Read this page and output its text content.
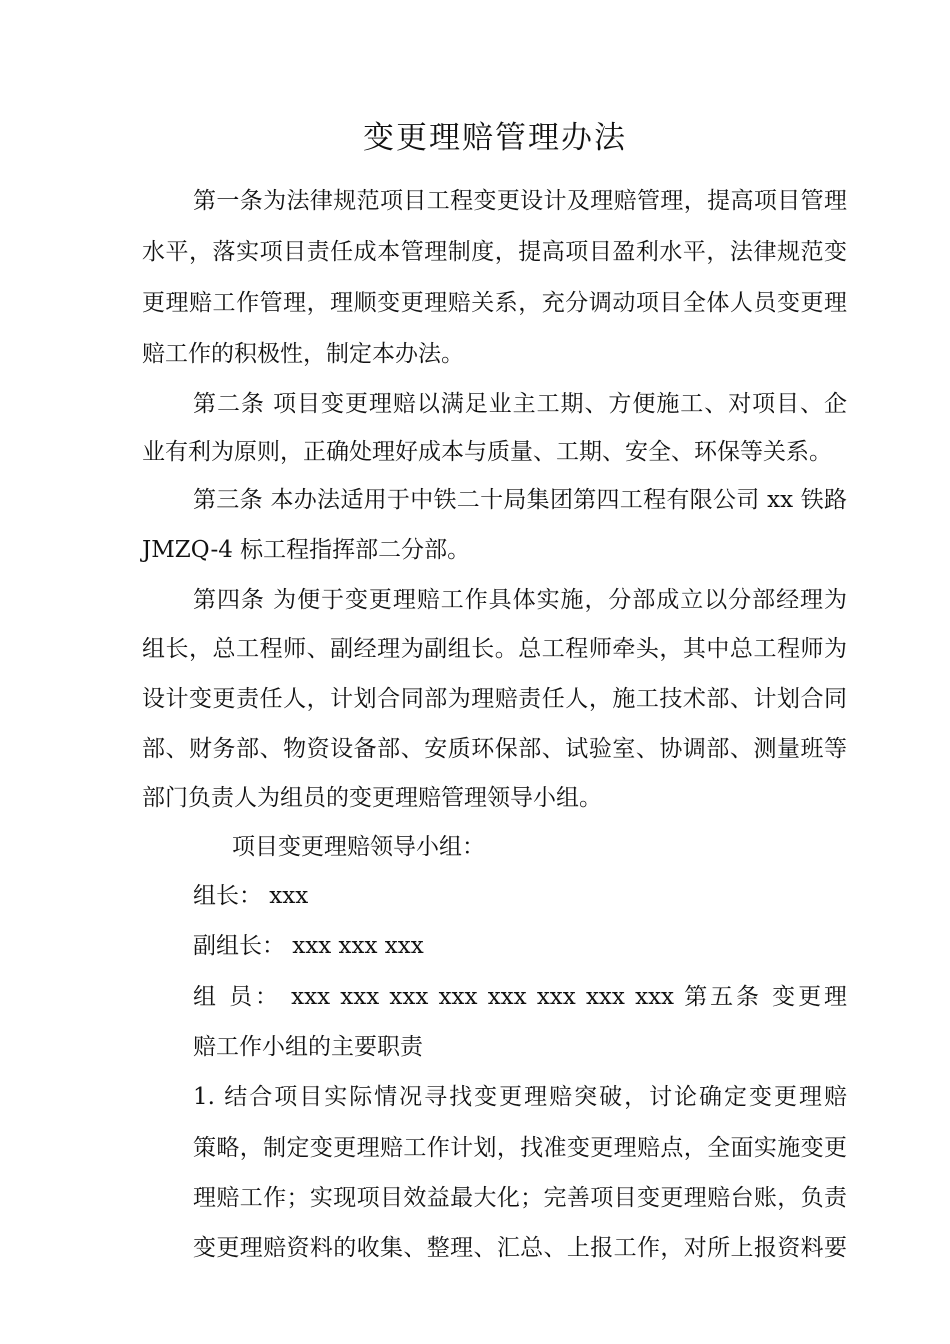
变更理赔管理办法
第一条为法律规范项目工程变更设计及理赔管理，提高项目管理
水平，落实项目责任成本管理制度，提高项目盈利水平，法律规范变
更理赔工作管理，理顺变更理赔关系，充分调动项目全体人员变更理
赔工作的积极性，制定本办法。
第二条 项目变更理赔以满足业主工期、方便施工、对项目、企
业有利为原则，正确处理好成本与质量、工期、安全、环保等关系。
第三条 本办法适用于中铁二十局集团第四工程有限公司 xx 铁路
JMZQ-4 标工程指挥部二分部。
第四条 为便于变更理赔工作具体实施，分部成立以分部经理为
组长，总工程师、副经理为副组长。总工程师牵头，其中总工程师为
设计变更责任人，计划合同部为理赔责任人，施工技术部、计划合同
部、财务部、物资设备部、安质环保部、试验室、协调部、测量班等
部门负责人为组员的变更理赔管理领导小组。
项目变更理赔领导小组：
组长： xxx
副组长： xxx xxx xxx
组 员： xxx xxx xxx xxx xxx xxx xxx xxx 第五条 变更理
赔工作小组的主要职责
1. 结合项目实际情况寻找变更理赔突破，讨论确定变更理赔
策略，制定变更理赔工作计划，找准变更理赔点，全面实施变更
理赔工作；实现项目效益最大化；完善项目变更理赔台账，负责
变更理赔资料的收集、整理、汇总、上报工作，对所上报资料要
